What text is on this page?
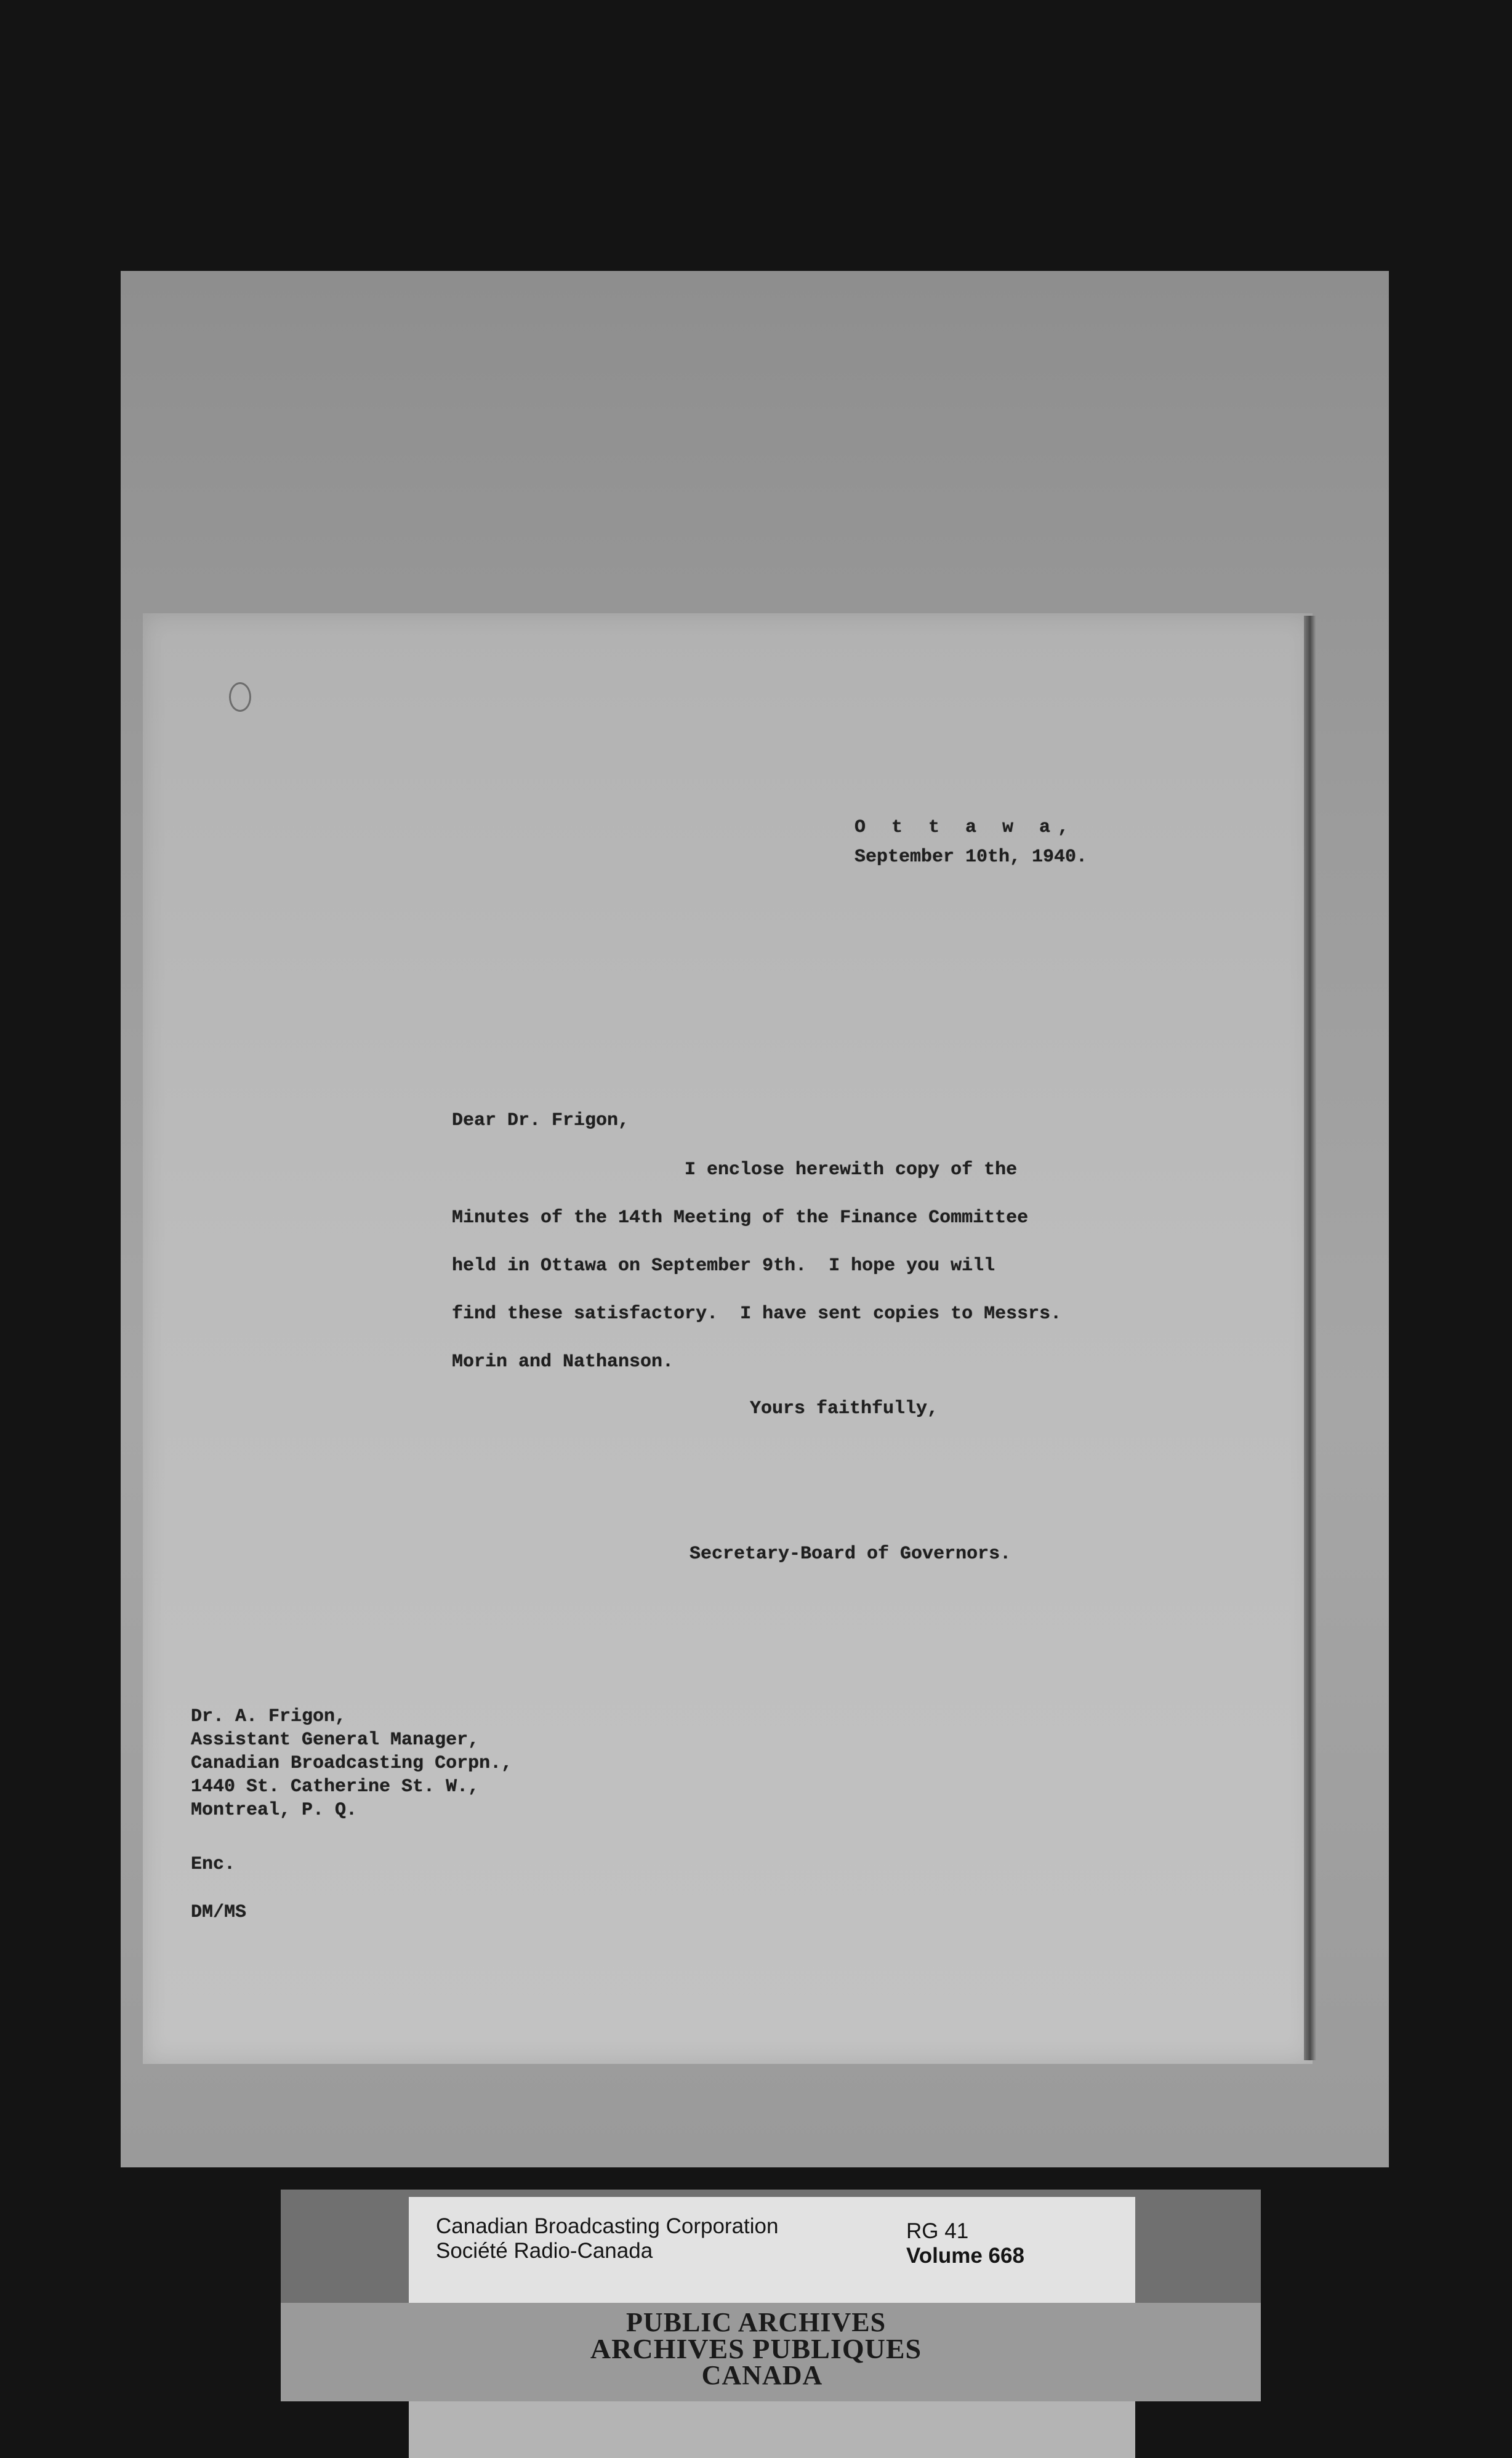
O t t a w a,
September 10th, 1940.
Dear Dr. Frigon,
I enclose herewith copy of the
Minutes of the 14th Meeting of the Finance Committee
held in Ottawa on September 9th.  I hope you will
find these satisfactory.  I have sent copies to Messrs.
Morin and Nathanson.
Yours faithfully,
Secretary-Board of Governors.
Dr. A. Frigon,
Assistant General Manager,
Canadian Broadcasting Corpn.,
1440 St. Catherine St. W.,
Montreal, P. Q.
Enc.
DM/MS
Canadian Broadcasting Corporation
Société Radio-Canada
RG 41
Volume 668
PUBLIC ARCHIVES
ARCHIVES PUBLIQUES
CANADA
